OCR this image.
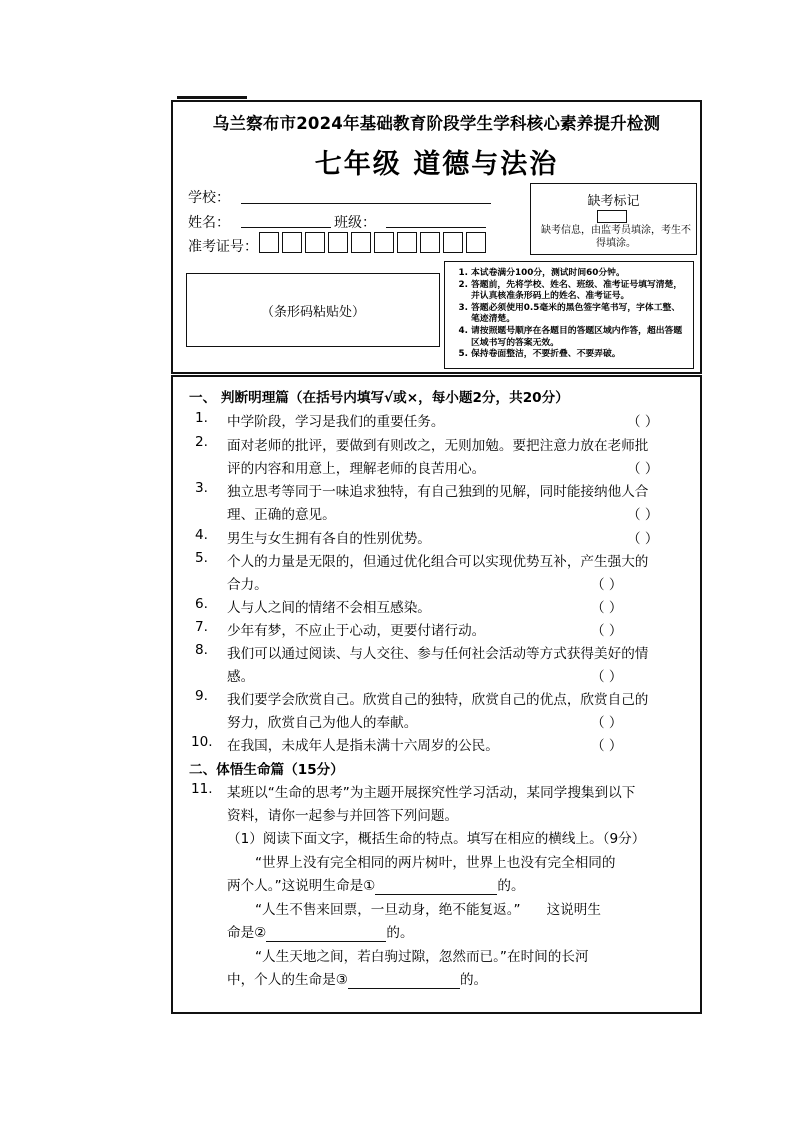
乌兰察布市2024年基础教育阶段学生学科核心素养提升检测
七年级 道德与法治
学校：
姓名：	班级：
准考证号：
缺考标记
缺考信息，由监考员填涂，考生不得填涂。
（条形码粘贴处）
1. 本试卷满分100分，测试时间60分钟。
2. 答题前，先将学校、姓名、班级、准考证号填写清楚，并认真核准条形码上的姓名、准考证号。
3. 答题必须使用0.5毫米的黑色签字笔书写，字体工整、笔迹清楚。
4. 请按照题号顺序在各题目的答题区域内作答，超出答题区域书写的答案无效。
5. 保持卷面整洁，不要折叠、不要弄破。
一、 判断明理篇（在括号内填写√或×，每小题2分，共20分）
1. 中学阶段，学习是我们的重要任务。	（ ）
2. 面对老师的批评，要做到有则改之，无则加勉。要把注意力放在老师批
评的内容和用意上，理解老师的良苦用心。	（ ）
3. 独立思考等同于一味追求独特，有自己独到的见解，同时能接纳他人合
理、正确的意见。	（ ）
4. 男生与女生拥有各自的性别优势。	（ ）
5. 个人的力量是无限的，但通过优化组合可以实现优势互补，产生强大的
合力。	（ ）
6. 人与人之间的情绪不会相互感染。	（ ）
7. 少年有梦，不应止于心动，更要付诸行动。	（ ）
8. 我们可以通过阅读、与人交往、参与任何社会活动等方式获得美好的情
感。	（ ）
9. 我们要学会欣赏自己。欣赏自己的独特，欣赏自己的优点，欣赏自己的
努力，欣赏自己为他人的奉献。	（ ）
10. 在我国，未成年人是指未满十六周岁的公民。	（ ）
二、体悟生命篇（15分）
11. 某班以“生命的思考”为主题开展探究性学习活动，某同学搜集到以下
资料，请你一起参与并回答下列问题。
（1）阅读下面文字，概括生命的特点。填写在相应的横线上。（9分）
“世界上没有完全相同的两片树叶，世界上也没有完全相同的
两个人。”这说明生命是①	的。
“人生不售来回票，一旦动身，绝不能复返。” 这说明生
命是②	的。
“人生天地之间，若白驹过隙，忽然而已。”在时间的长河
中，个人的生命是③	的。
